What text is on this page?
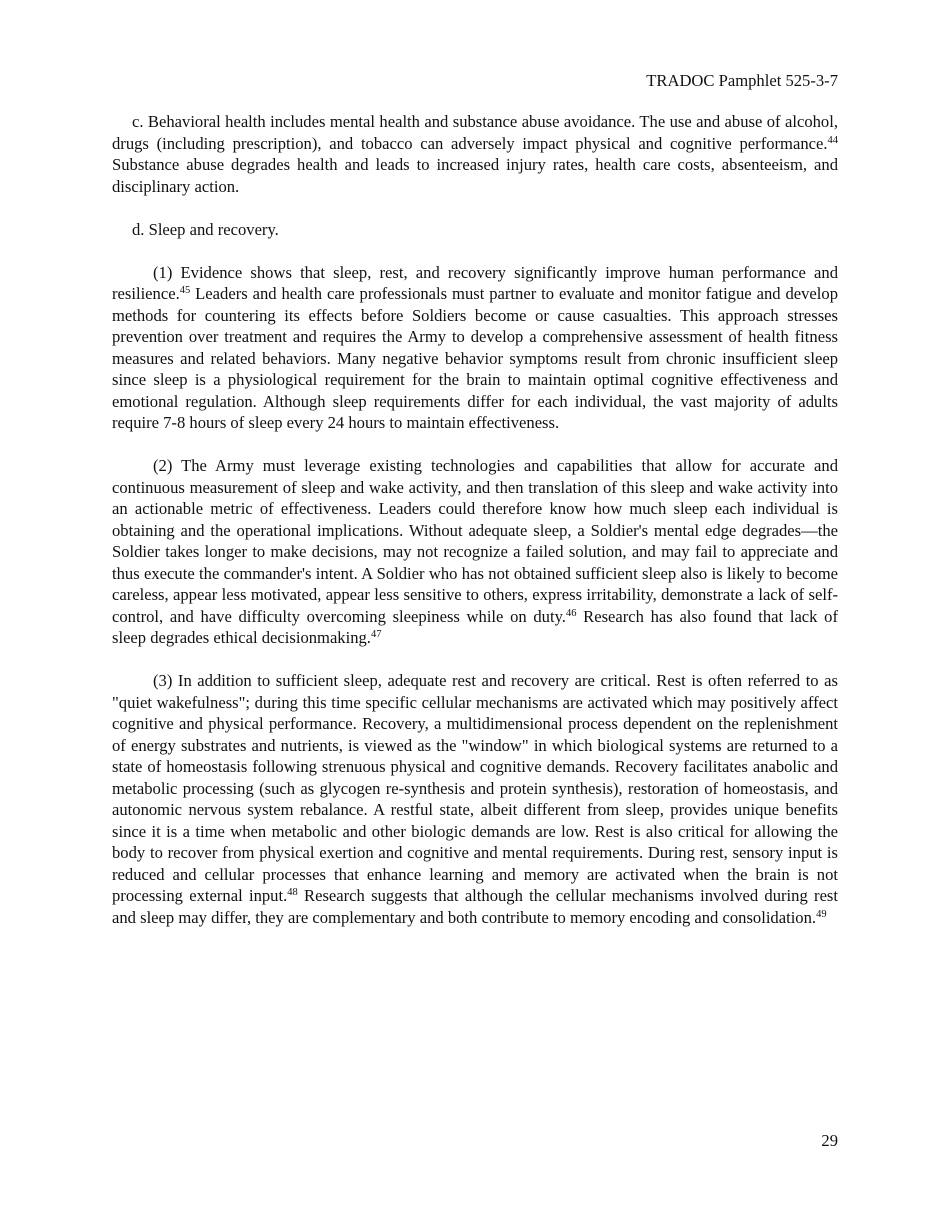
TRADOC Pamphlet 525-3-7

c. Behavioral health includes mental health and substance abuse avoidance. The use and abuse of alcohol, drugs (including prescription), and tobacco can adversely impact physical and cognitive performance.$^{44}$ Substance abuse degrades health and leads to increased injury rates, health care costs, absenteeism, and disciplinary action.

d. Sleep and recovery.

(1) Evidence shows that sleep, rest, and recovery significantly improve human performance and resilience.$^{45}$ Leaders and health care professionals must partner to evaluate and monitor fatigue and develop methods for countering its effects before Soldiers become or cause casualties. This approach stresses prevention over treatment and requires the Army to develop a comprehensive assessment of health fitness measures and related behaviors. Many negative behavior symptoms result from chronic insufficient sleep since sleep is a physiological requirement for the brain to maintain optimal cognitive effectiveness and emotional regulation. Although sleep requirements differ for each individual, the vast majority of adults require 7-8 hours of sleep every 24 hours to maintain effectiveness.

(2) The Army must leverage existing technologies and capabilities that allow for accurate and continuous measurement of sleep and wake activity, and then translation of this sleep and wake activity into an actionable metric of effectiveness. Leaders could therefore know how much sleep each individual is obtaining and the operational implications. Without adequate sleep, a Soldier's mental edge degrades—the Soldier takes longer to make decisions, may not recognize a failed solution, and may fail to appreciate and thus execute the commander's intent. A Soldier who has not obtained sufficient sleep also is likely to become careless, appear less motivated, appear less sensitive to others, express irritability, demonstrate a lack of self-control, and have difficulty overcoming sleepiness while on duty.$^{46}$ Research has also found that lack of sleep degrades ethical decisionmaking.$^{47}$

(3) In addition to sufficient sleep, adequate rest and recovery are critical. Rest is often referred to as "quiet wakefulness"; during this time specific cellular mechanisms are activated which may positively affect cognitive and physical performance. Recovery, a multidimensional process dependent on the replenishment of energy substrates and nutrients, is viewed as the "window" in which biological systems are returned to a state of homeostasis following strenuous physical and cognitive demands. Recovery facilitates anabolic and metabolic processing (such as glycogen re-synthesis and protein synthesis), restoration of homeostasis, and autonomic nervous system rebalance. A restful state, albeit different from sleep, provides unique benefits since it is a time when metabolic and other biologic demands are low. Rest is also critical for allowing the body to recover from physical exertion and cognitive and mental requirements. During rest, sensory input is reduced and cellular processes that enhance learning and memory are activated when the brain is not processing external input.$^{48}$ Research suggests that although the cellular mechanisms involved during rest and sleep may differ, they are complementary and both contribute to memory encoding and consolidation.$^{49}$

29
